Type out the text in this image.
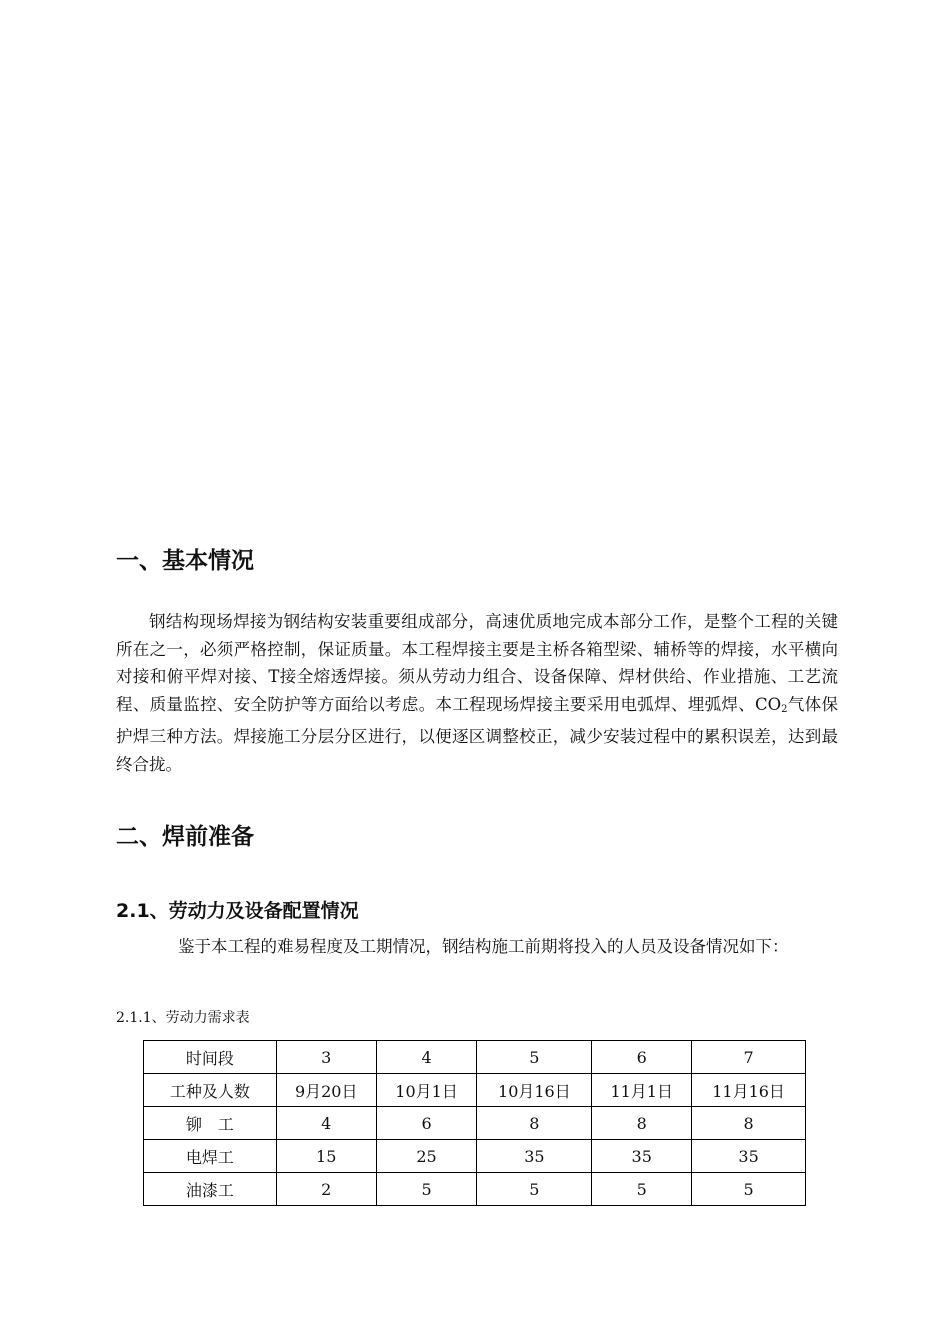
一、基本情况

钢结构现场焊接为钢结构安装重要组成部分，高速优质地完成本部分工作，是整个工程的关键所在之一，必须严格控制，保证质量。本工程焊接主要是主桥各箱型梁、辅桥等的焊接，水平横向对接和俯平焊对接、T接全熔透焊接。须从劳动力组合、设备保障、焊材供给、作业措施、工艺流程、质量监控、安全防护等方面给以考虑。本工程现场焊接主要采用电弧焊、埋弧焊、$CO_2$气体保护焊三种方法。焊接施工分层分区进行，以便逐区调整校正，减少安装过程中的累积误差，达到最终合拢。

二、焊前准备
2.1、劳动力及设备配置情况

鉴于本工程的难易程度及工期情况，钢结构施工前期将投入的人员及设备情况如下：

2.1.1、劳动力需求表

时间段	3	4	5	6	7
工种及人数	9月20日	10月1日	10月16日	11月1日	11月16日
铆　工	4	6	8	8	8
电焊工	15	25	35	35	35
油漆工	2	5	5	5	5
